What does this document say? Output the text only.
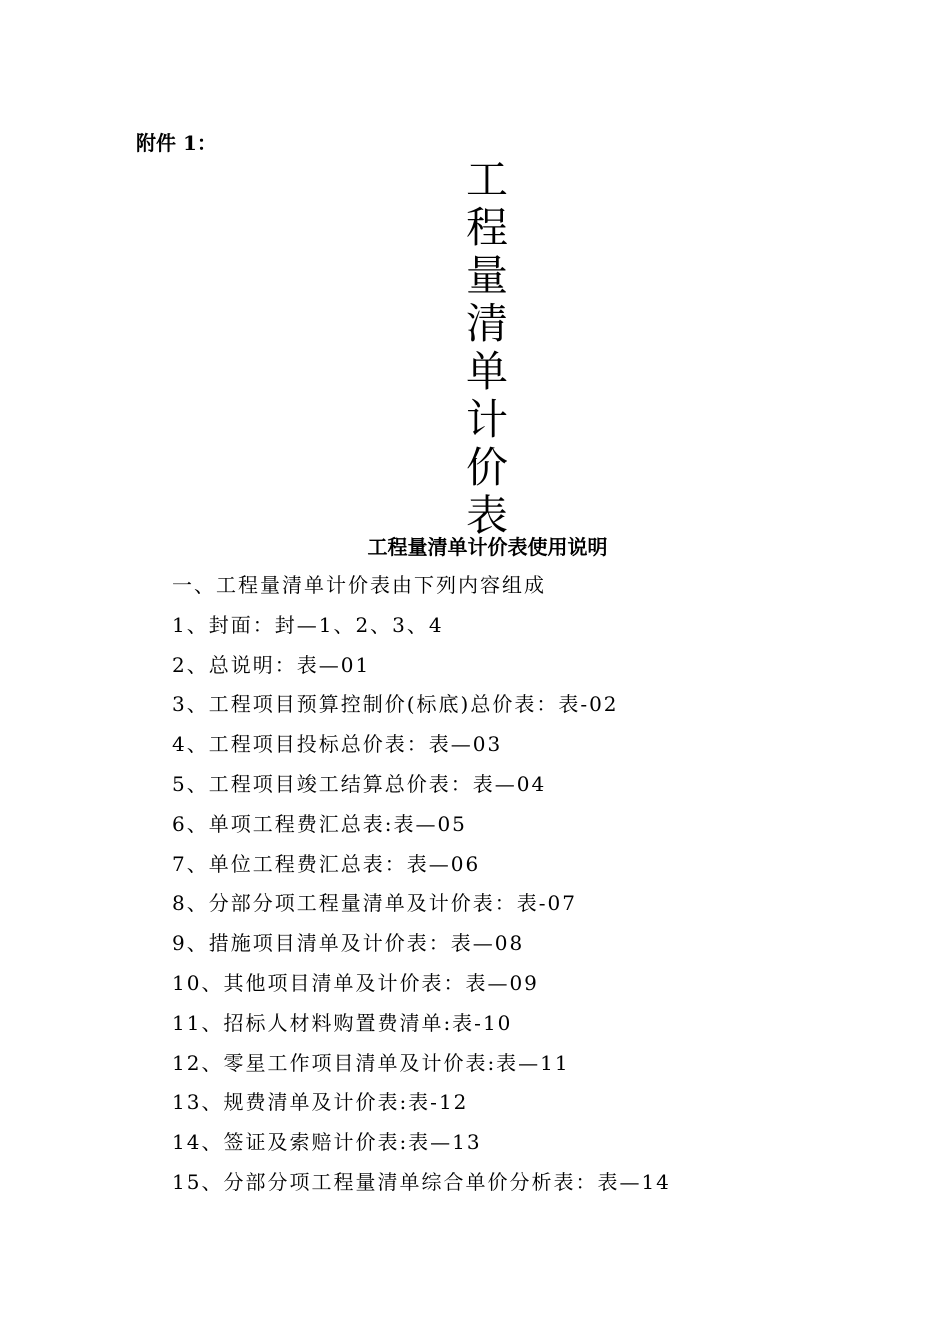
附件 1：
工
程
量
清
单
计
价
表
工程量清单计价表使用说明
一、工程量清单计价表由下列内容组成
1、封面：封—1、2、3、4
2、总说明：表—01
3、工程项目预算控制价(标底)总价表：表-02
4、工程项目投标总价表：表—03
5、工程项目竣工结算总价表：表—04
6、单项工程费汇总表:表—05
7、单位工程费汇总表：表—06
8、分部分项工程量清单及计价表：表-07
9、措施项目清单及计价表：表—08
10、其他项目清单及计价表：表—09
11、招标人材料购置费清单:表-10
12、零星工作项目清单及计价表:表—11
13、规费清单及计价表:表-12
14、签证及索赔计价表:表—13
15、分部分项工程量清单综合单价分析表：表—14
